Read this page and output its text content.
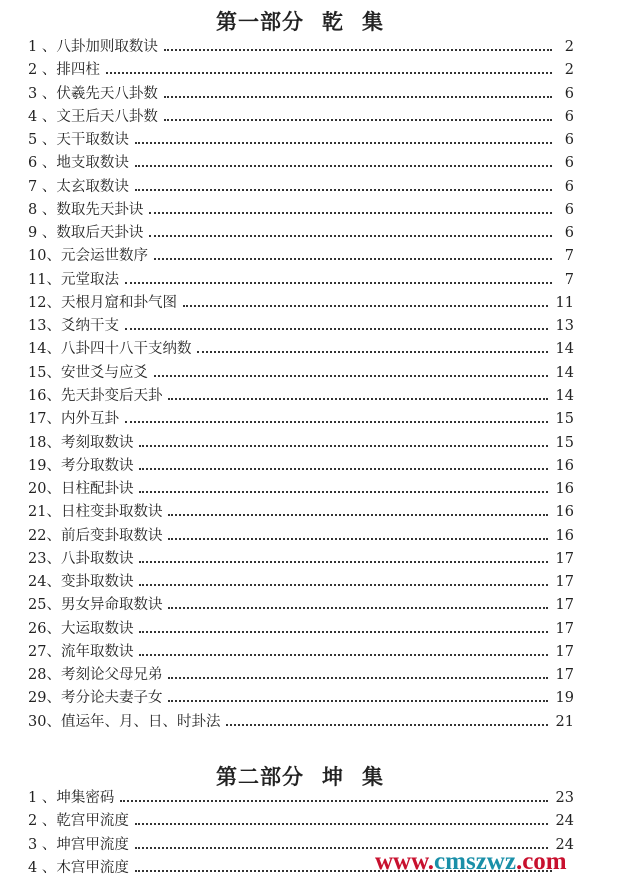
第一部分 乾 集
1 、 八卦加则取数诀	2
2 、 排四柱	2
3 、 伏羲先天八卦数	6
4 、 文王后天八卦数	6
5 、 天干取数诀	6
6 、 地支取数诀	6
7 、 太玄取数诀	6
8 、 数取先天卦诀	6
9 、 数取后天卦诀	6
10、 元会运世数序	7
11、 元堂取法	7
12、 天根月窟和卦气图	11
13、 爻纳干支	13
14、 八卦四十八干支纳数	14
15、 安世爻与应爻	14
16、 先天卦变后天卦	14
17、 内外互卦	15
18、 考刻取数诀	15
19、 考分取数诀	16
20、 日柱配卦诀	16
21、 日柱变卦取数诀	16
22、 前后变卦取数诀	16
23、 八卦取数诀	17
24、 变卦取数诀	17
25、 男女异命取数诀	17
26、 大运取数诀	17
27、 流年取数诀	17
28、 考刻论父母兄弟	17
29、 考分论夫妻子女	19
30、 值运年、月、日、时卦法	21
第二部分 坤 集
1 、 坤集密码	23
2 、 乾宫甲流度	24
3 、 坤宫甲流度	24
4 、 木宫甲流度	www.cmszwz.com
